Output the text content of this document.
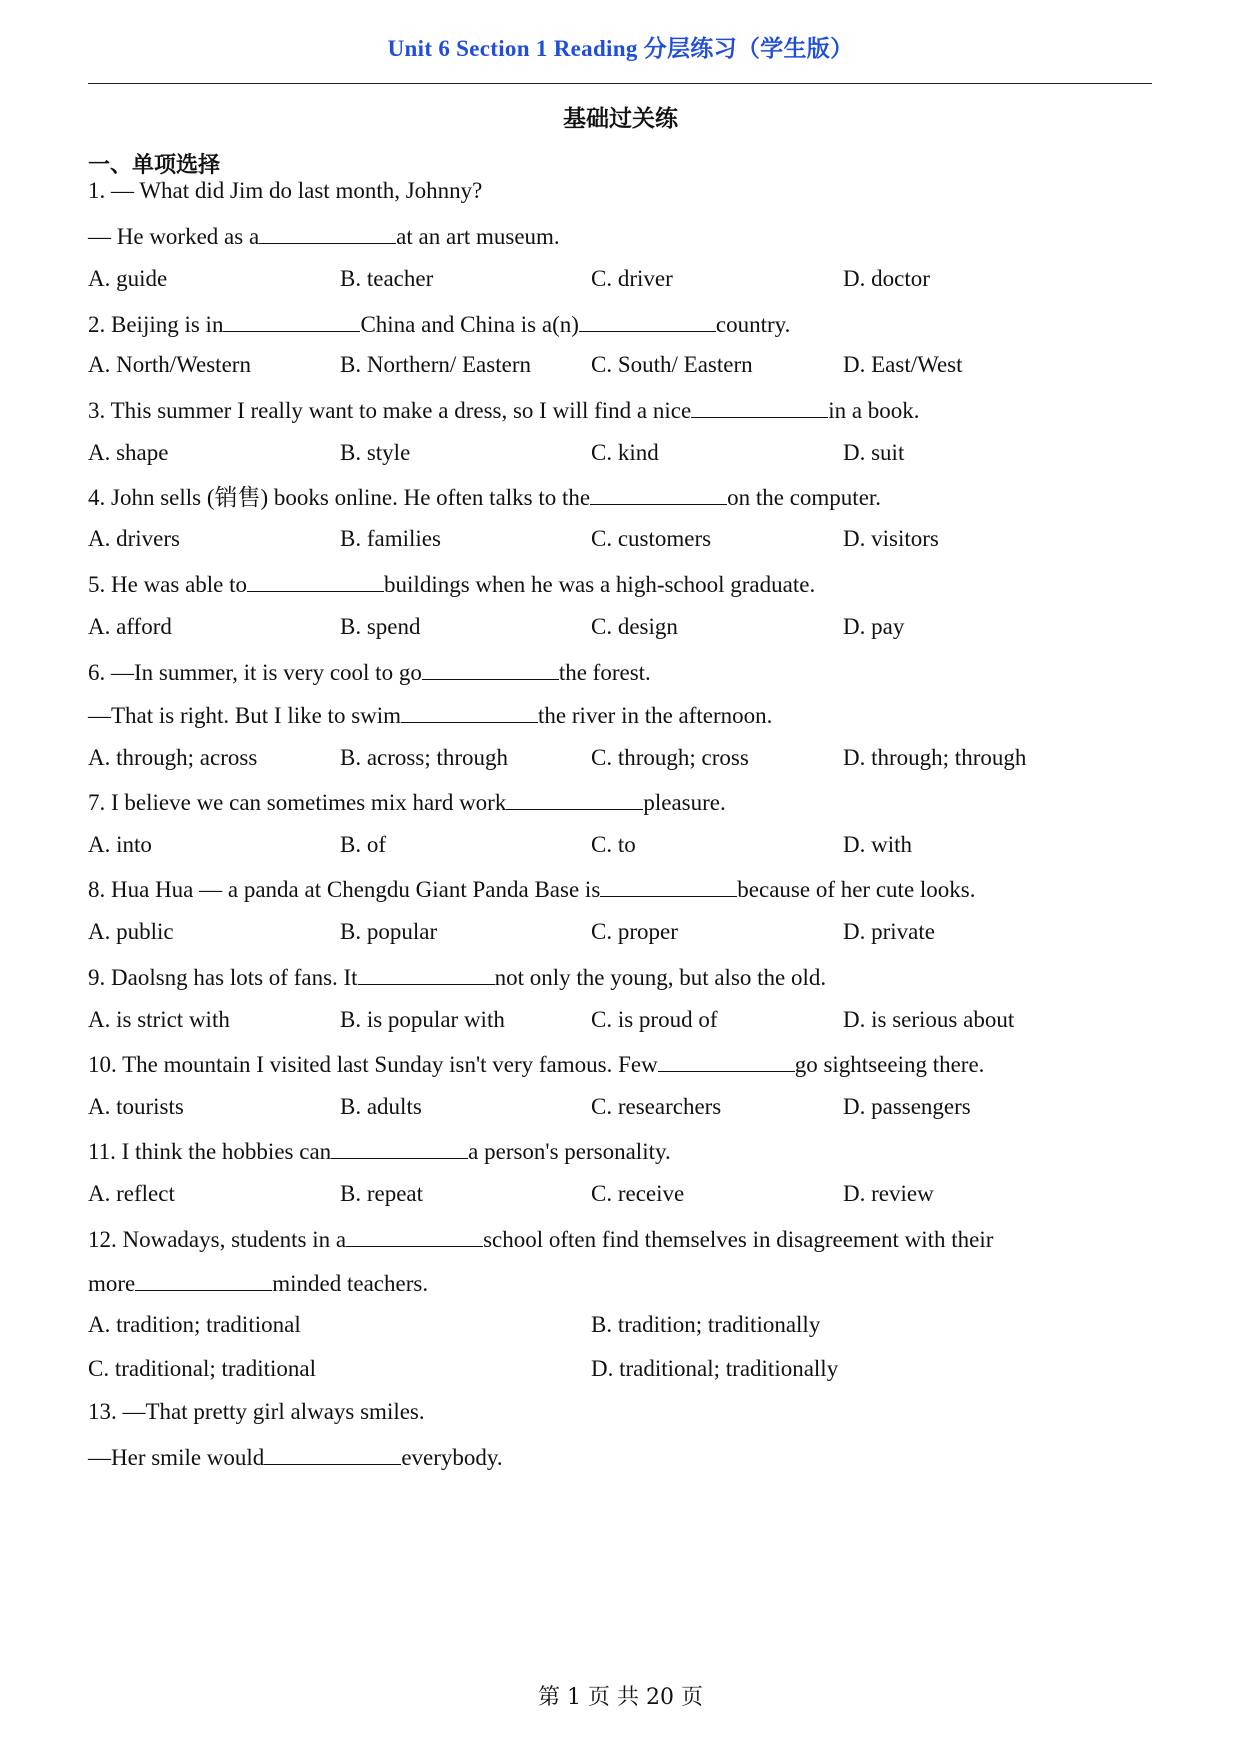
Unit 6 Section 1 Reading 分层练习（学生版）
基础过关练
一、单项选择
1. — What did Jim do last month, Johnny?
— He worked as a	at an art museum.
A. guide	B. teacher	C. driver	D. doctor
2. Beijing is in	China and China is a(n)	country.
A. North/Western	B. Northern/ Eastern	C. South/ Eastern	D. East/West
3. This summer I really want to make a dress, so I will find a nice	in a book.
A. shape	B. style	C. kind	D. suit
4. John sells (销售) books online. He often talks to the	on the computer.
A. drivers	B. families	C. customers	D. visitors
5. He was able to	buildings when he was a high-school graduate.
A. afford	B. spend	C. design	D. pay
6. —In summer, it is very cool to go	the forest.
—That is right. But I like to swim	the river in the afternoon.
A. through; across	B. across; through	C. through; cross	D. through; through
7. I believe we can sometimes mix hard work	pleasure.
A. into	B. of	C. to	D. with
8. Hua Hua — a panda at Chengdu Giant Panda Base is	because of her cute looks.
A. public	B. popular	C. proper	D. private
9. Daolsng has lots of fans. It	not only the young, but also the old.
A. is strict with	B. is popular with	C. is proud of	D. is serious about
10. The mountain I visited last Sunday isn't very famous. Few	go sightseeing there.
A. tourists	B. adults	C. researchers	D. passengers
11. I think the hobbies can	a person's personality.
A. reflect	B. repeat	C. receive	D. review
12. Nowadays, students in a	school often find themselves in disagreement with their
more	minded teachers.
A. tradition; traditional	B. tradition; traditionally
C. traditional; traditional	D. traditional; traditionally
13. —That pretty girl always smiles.
—Her smile would	everybody.
第 1 页 共 20 页
